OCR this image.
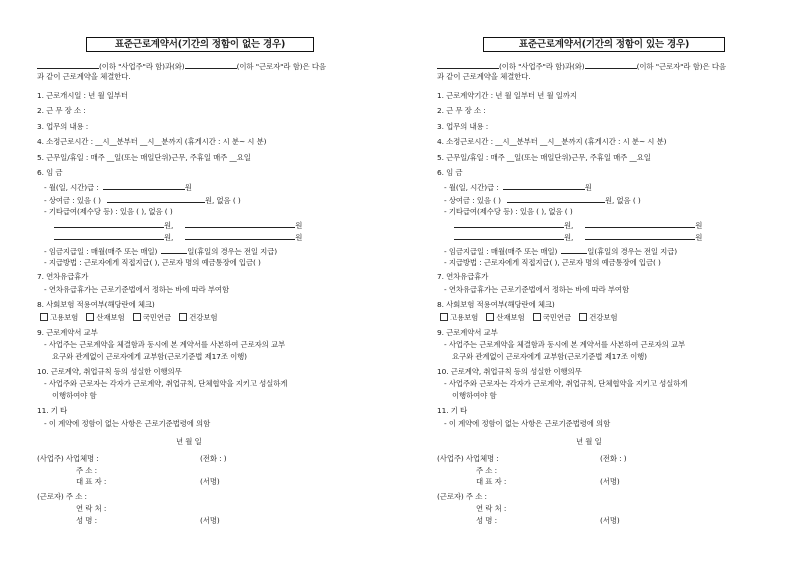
표준근로계약서(기간의 정함이 없는 경우)
(이하 "사업주"라 함)과(와)	(이하 "근로자"라 함)은 다음
과 같이 근로계약을 체결한다.
1. 근로개시일 : 년 월 일부터
2. 근 무 장 소 :
3. 업무의 내용 :
4. 소정근로시간 : __시__분부터 __시__분까지 (휴게시간 : 시 분~ 시 분)
5. 근무일/휴일 : 매주 __일(또는 매일단위)근무, 주휴일 매주 __요일
6. 임 금
- 월(일, 시간)급 :	원
- 상여금 : 있음 ( )	원, 없음 ( )
- 기타급여(제수당 등) : 있음 ( ), 없음 ( )
원,	원
원,	원
- 임금지급일 : 매월(매주 또는 매일)	일(휴일의 경우는 전일 지급)
- 지급방법 : 근로자에게 직접지급( ), 근로자 명의 예금통장에 입금( )
7. 연차유급휴가
- 연차유급휴가는 근로기준법에서 정하는 바에 따라 부여함
8. 사회보험 적용여부(해당란에 체크)
고용보험 산재보험 국민연금 건강보험
9. 근로계약서 교부
- 사업주는 근로계약을 체결함과 동시에 본 계약서를 사본하여 근로자의 교부
요구와 관계없이 근로자에게 교부함(근로기준법 제17조 이행)
10. 근로계약, 취업규칙 등의 성실한 이행의무
- 사업주와 근로자는 각자가 근로계약, 취업규칙, 단체협약을 지키고 성실하게
이행하여야 함
11. 기 타
- 이 계약에 정함이 없는 사항은 근로기준법령에 의함
년 월 일
(사업주) 사업체명 :	(전화 : )
주 소 :
대 표 자 :	(서명)
(근로자) 주 소 :
연 락 처 :
성 명 :	(서명)
표준근로계약서(기간의 정함이 있는 경우)
(이하 "사업주"라 함)과(와)	(이하 "근로자"라 함)은 다음
과 같이 근로계약을 체결한다.
1. 근로계약기간 : 년 월 일부터 년 월 일까지
2. 근 무 장 소 :
3. 업무의 내용 :
4. 소정근로시간 : __시__분부터 __시__분까지 (휴게시간 : 시 분~ 시 분)
5. 근무일/휴일 : 매주 __일(또는 매일단위)근무, 주휴일 매주 __요일
6. 임 금
- 월(일, 시간)급 :	원
- 상여금 : 있음 ( )	원, 없음 ( )
- 기타급여(제수당 등) : 있음 ( ), 없음 ( )
원,	원
원,	원
- 임금지급일 : 매월(매주 또는 매일)	일(휴일의 경우는 전일 지급)
- 지급방법 : 근로자에게 직접지급( ), 근로자 명의 예금통장에 입금( )
7. 연차유급휴가
- 연차유급휴가는 근로기준법에서 정하는 바에 따라 부여함
8. 사회보험 적용여부(해당란에 체크)
고용보험 산재보험 국민연금 건강보험
9. 근로계약서 교부
- 사업주는 근로계약을 체결함과 동시에 본 계약서를 사본하여 근로자의 교부
요구와 관계없이 근로자에게 교부함(근로기준법 제17조 이행)
10. 근로계약, 취업규칙 등의 성실한 이행의무
- 사업주와 근로자는 각자가 근로계약, 취업규칙, 단체협약을 지키고 성실하게
이행하여야 함
11. 기 타
- 이 계약에 정함이 없는 사항은 근로기준법령에 의함
년 월 일
(사업주) 사업체명 :	(전화 : )
주 소 :
대 표 자 :	(서명)
(근로자) 주 소 :
연 락 처 :
성 명 :	(서명)
